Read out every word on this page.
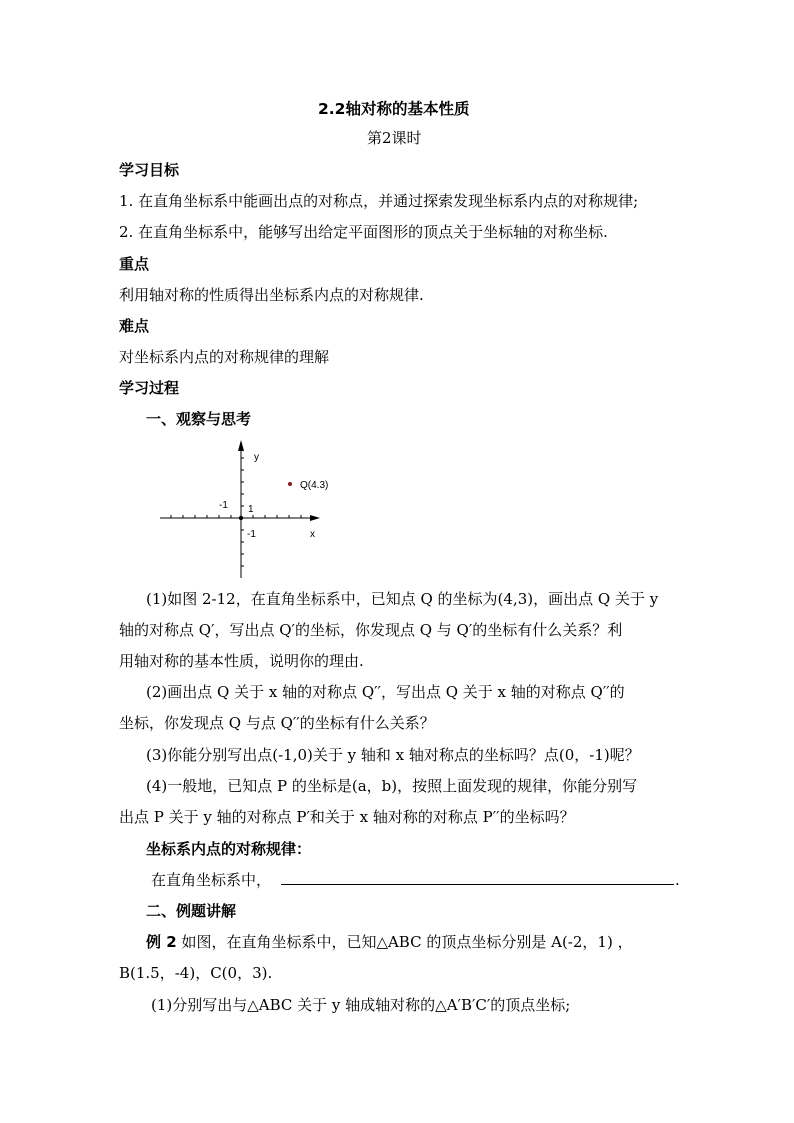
2.2轴对称的基本性质
第2课时
学习目标
1. 在直角坐标系中能画出点的对称点，并通过探索发现坐标系内点的对称规律;
2. 在直角坐标系中，能够写出给定平面图形的顶点关于坐标轴的对称坐标.
重点
利用轴对称的性质得出坐标系内点的对称规律.
难点
对坐标系内点的对称规律的理解
学习过程
一、观察与思考
y
x
Q(4.3)
-1 1
-1
(1)如图 2-12，在直角坐标系中，已知点 Q 的坐标为(4,3)，画出点 Q 关于 y
轴的对称点 Q′，写出点 Q′的坐标，你发现点 Q 与 Q′的坐标有什么关系？利
用轴对称的基本性质，说明你的理由.
(2)画出点 Q 关于 x 轴的对称点 Q′′，写出点 Q 关于 x 轴的对称点 Q′′的
坐标，你发现点 Q 与点 Q′′的坐标有什么关系？
(3)你能分别写出点(-1,0)关于 y 轴和 x 轴对称点的坐标吗？点(0，-1)呢？
(4)一般地，已知点 P 的坐标是(a，b)，按照上面发现的规律，你能分别写
出点 P 关于 y 轴的对称点 P′和关于 x 轴对称的对称点 P′′的坐标吗？
坐标系内点的对称规律：
在直角坐标系中，	.
二、例题讲解
例 2 如图，在直角坐标系中，已知△ABC 的顶点坐标分别是 A(-2，1) ，
B(1.5，-4)，C(0，3).
(1)分别写出与△ABC 关于 y 轴成轴对称的△A′B′C′的顶点坐标;
